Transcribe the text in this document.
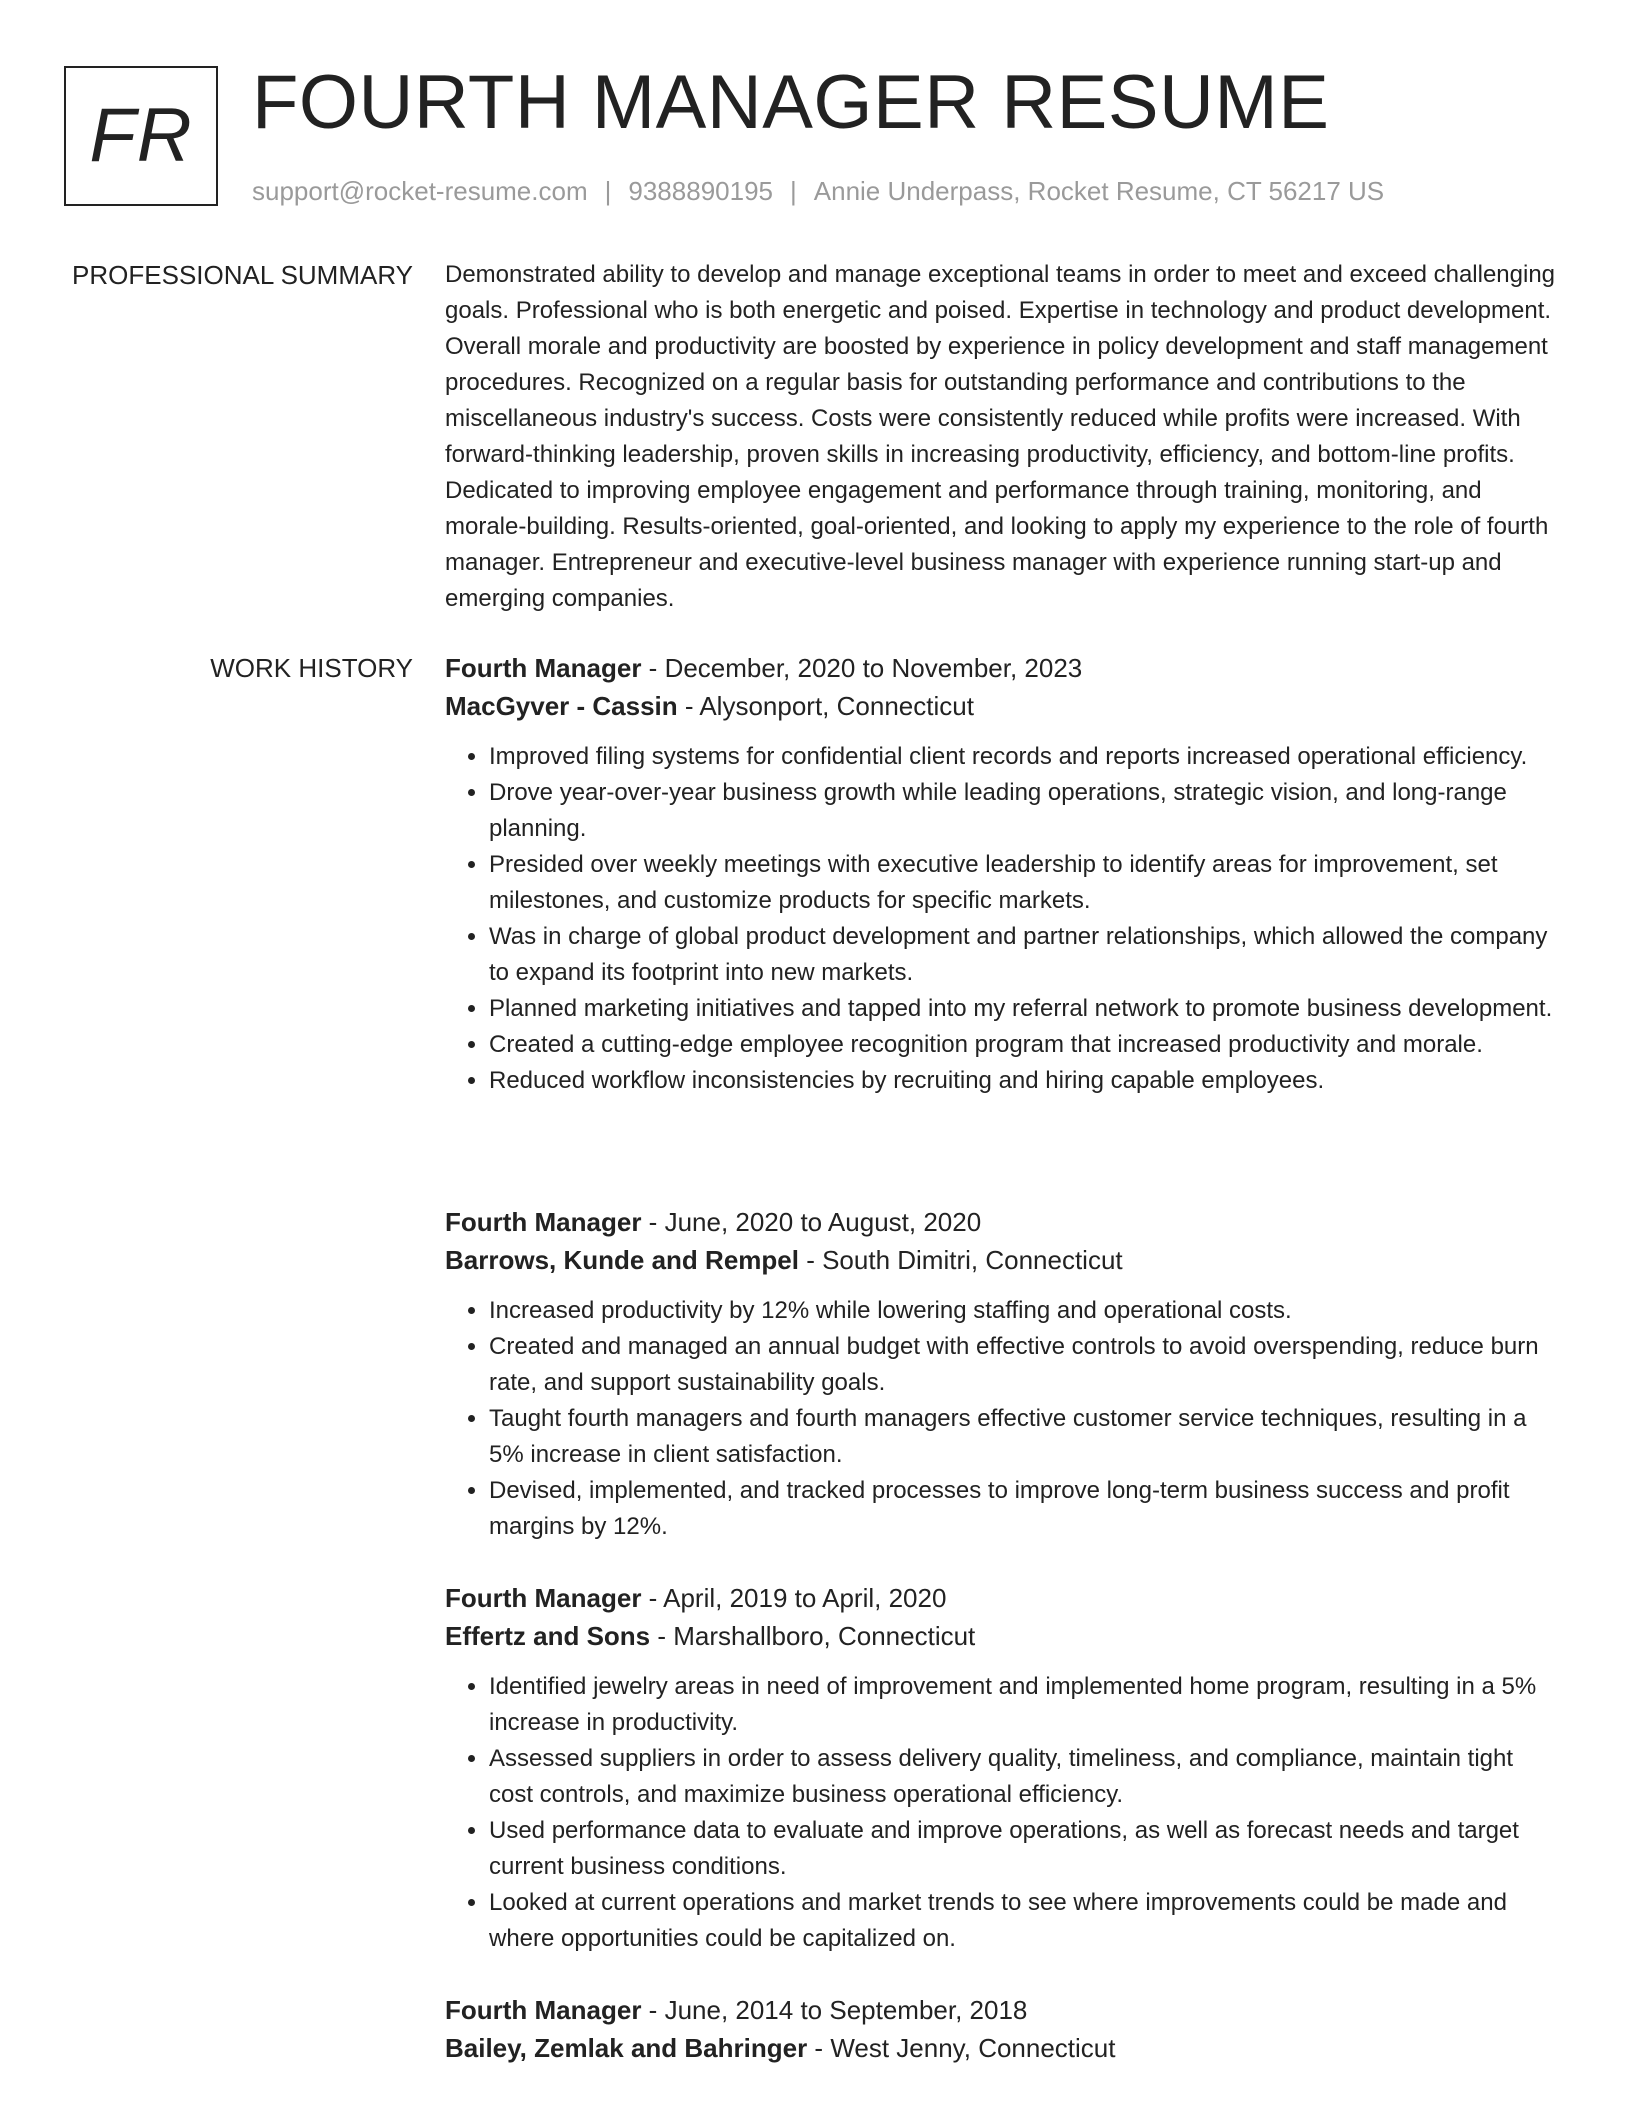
FR FOURTH MANAGER RESUME
support@rocket-resume.com | 9388890195 | Annie Underpass, Rocket Resume, CT 56217 US
PROFESSIONAL SUMMARY Demonstrated ability to develop and manage exceptional teams in order to meet and exceed challenging goals. Professional who is both energetic and poised. Expertise in technology and product development. Overall morale and productivity are boosted by experience in policy development and staff management procedures. Recognized on a regular basis for outstanding performance and contributions to the miscellaneous industry's success. Costs were consistently reduced while profits were increased. With forward-thinking leadership, proven skills in increasing productivity, efficiency, and bottom-line profits. Dedicated to improving employee engagement and performance through training, monitoring, and morale-building. Results-oriented, goal-oriented, and looking to apply my experience to the role of fourth manager. Entrepreneur and executive-level business manager with experience running start-up and emerging companies.

WORK HISTORY Fourth Manager - December, 2020 to November, 2023
MacGyver - Cassin - Alysonport, Connecticut
• Improved filing systems for confidential client records and reports increased operational efficiency.
• Drove year-over-year business growth while leading operations, strategic vision, and long-range planning.
• Presided over weekly meetings with executive leadership to identify areas for improvement, set milestones, and customize products for specific markets.
• Was in charge of global product development and partner relationships, which allowed the company to expand its footprint into new markets.
• Planned marketing initiatives and tapped into my referral network to promote business development.
• Created a cutting-edge employee recognition program that increased productivity and morale.
• Reduced workflow inconsistencies by recruiting and hiring capable employees.
Fourth Manager - June, 2020 to August, 2020
Barrows, Kunde and Rempel - South Dimitri, Connecticut
• Increased productivity by 12% while lowering staffing and operational costs.
• Created and managed an annual budget with effective controls to avoid overspending, reduce burn rate, and support sustainability goals.
• Taught fourth managers and fourth managers effective customer service techniques, resulting in a 5% increase in client satisfaction.
• Devised, implemented, and tracked processes to improve long-term business success and profit margins by 12%.
Fourth Manager - April, 2019 to April, 2020
Effertz and Sons - Marshallboro, Connecticut
• Identified jewelry areas in need of improvement and implemented home program, resulting in a 5% increase in productivity.
• Assessed suppliers in order to assess delivery quality, timeliness, and compliance, maintain tight cost controls, and maximize business operational efficiency.
• Used performance data to evaluate and improve operations, as well as forecast needs and target current business conditions.
• Looked at current operations and market trends to see where improvements could be made and where opportunities could be capitalized on.
Fourth Manager - June, 2014 to September, 2018
Bailey, Zemlak and Bahringer - West Jenny, Connecticut
